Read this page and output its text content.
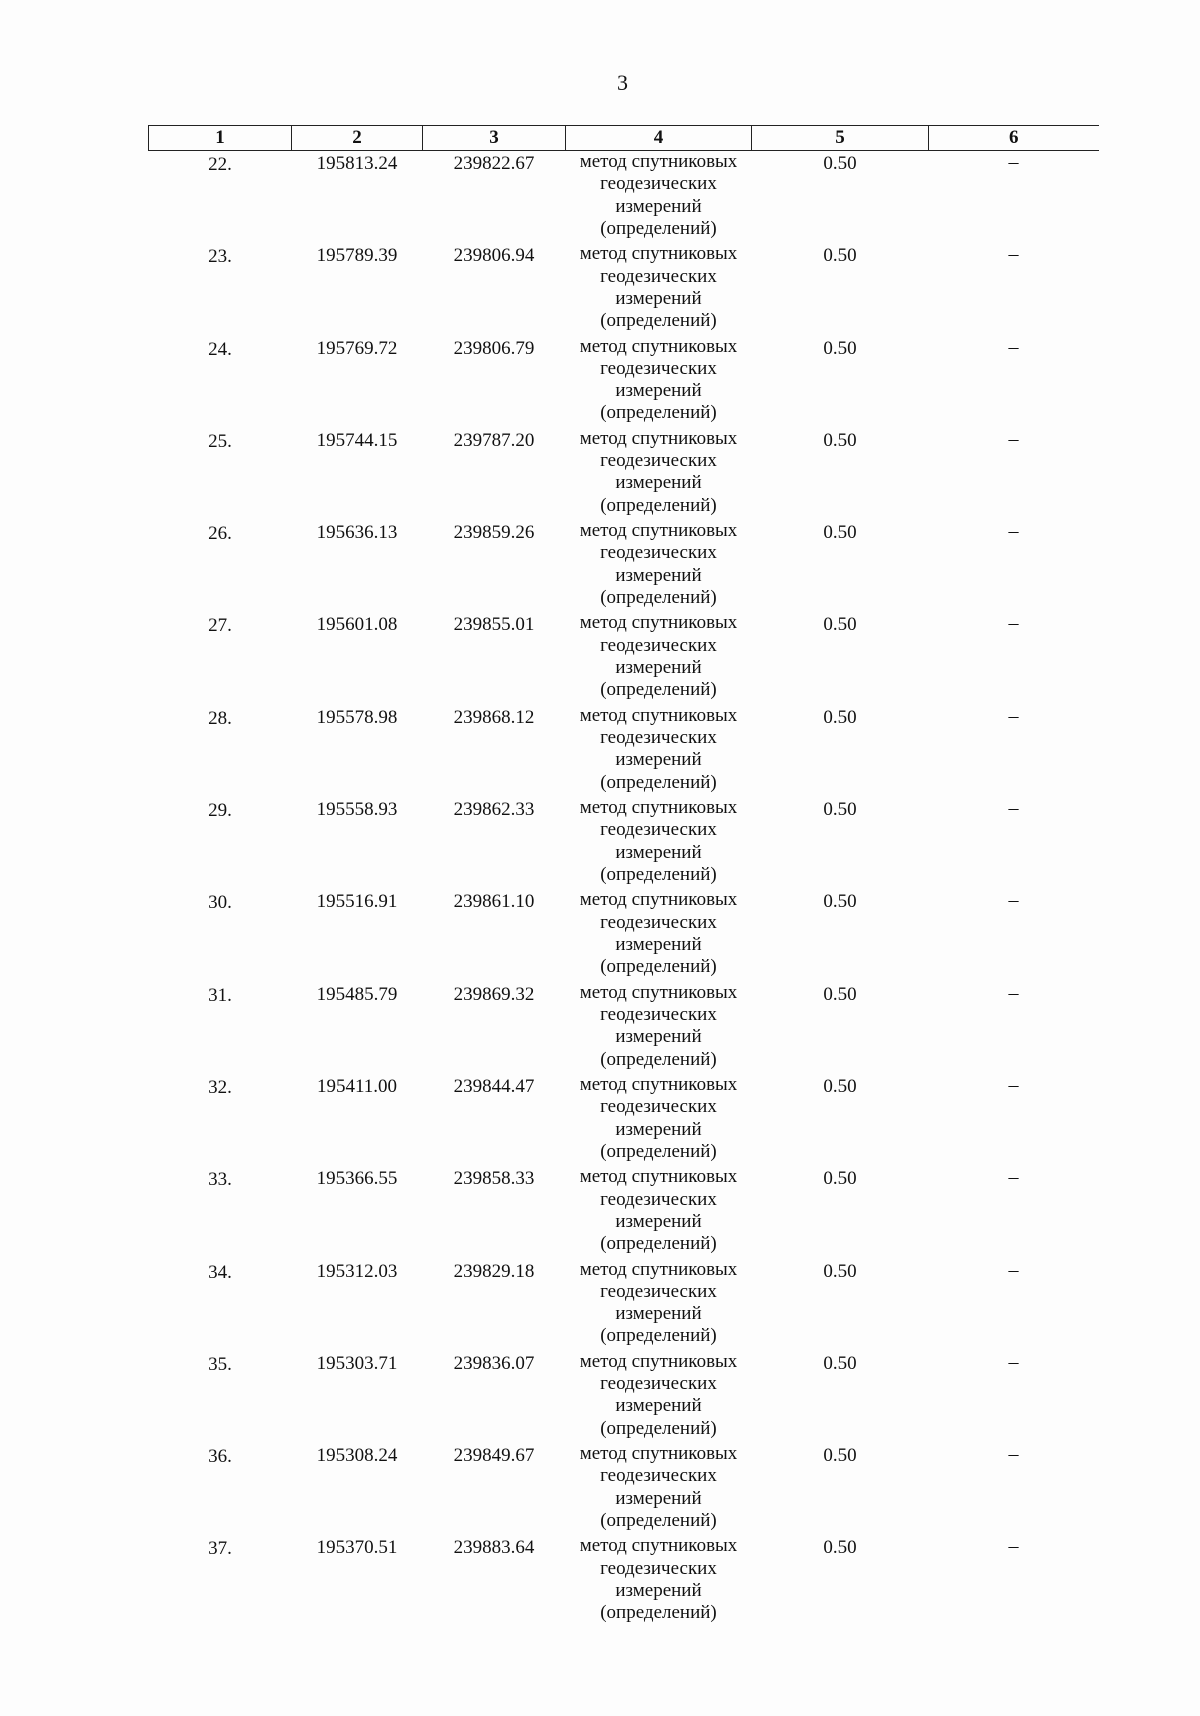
3
1	2	3	4	5	6
22.	195813.24	239822.67	метод спутниковых
геодезических
измерений
(определений)	0.50	–
23.	195789.39	239806.94	метод спутниковых
геодезических
измерений
(определений)	0.50	–
24.	195769.72	239806.79	метод спутниковых
геодезических
измерений
(определений)	0.50	–
25.	195744.15	239787.20	метод спутниковых
геодезических
измерений
(определений)	0.50	–
26.	195636.13	239859.26	метод спутниковых
геодезических
измерений
(определений)	0.50	–
27.	195601.08	239855.01	метод спутниковых
геодезических
измерений
(определений)	0.50	–
28.	195578.98	239868.12	метод спутниковых
геодезических
измерений
(определений)	0.50	–
29.	195558.93	239862.33	метод спутниковых
геодезических
измерений
(определений)	0.50	–
30.	195516.91	239861.10	метод спутниковых
геодезических
измерений
(определений)	0.50	–
31.	195485.79	239869.32	метод спутниковых
геодезических
измерений
(определений)	0.50	–
32.	195411.00	239844.47	метод спутниковых
геодезических
измерений
(определений)	0.50	–
33.	195366.55	239858.33	метод спутниковых
геодезических
измерений
(определений)	0.50	–
34.	195312.03	239829.18	метод спутниковых
геодезических
измерений
(определений)	0.50	–
35.	195303.71	239836.07	метод спутниковых
геодезических
измерений
(определений)	0.50	–
36.	195308.24	239849.67	метод спутниковых
геодезических
измерений
(определений)	0.50	–
37.	195370.51	239883.64	метод спутниковых
геодезических
измерений
(определений)	0.50	–
